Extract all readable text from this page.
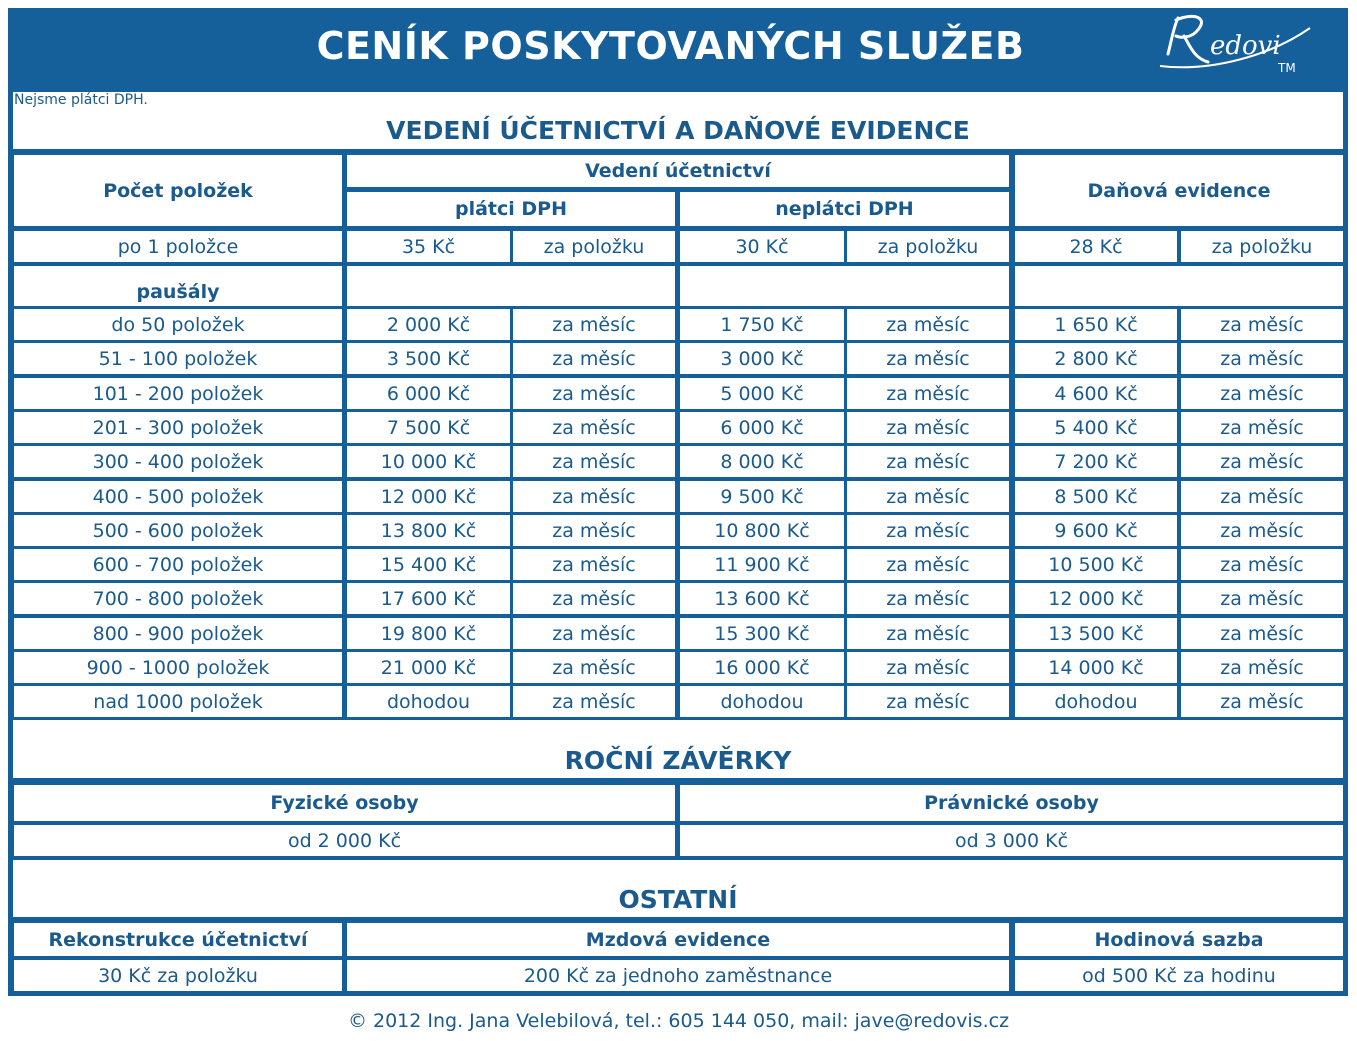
CENÍK POSKYTOVANÝCH SLUŽEB	edovi
TM
Nejsme plátci DPH.
VEDENÍ ÚČETNICTVÍ A DAŇOVÉ EVIDENCE
Počet položek
Vedení účetnictví
plátci DPH	neplátci DPH
Daňová evidence
po 1 položce	35 Kč	za položku	30 Kč	za položku	28 Kč	za položku
paušály
do 50 položek	2 000 Kč	za měsíc	1 750 Kč	za měsíc	1 650 Kč	za měsíc
51 - 100 položek	3 500 Kč	za měsíc	3 000 Kč	za měsíc	2 800 Kč	za měsíc
101 - 200 položek	6 000 Kč	za měsíc	5 000 Kč	za měsíc	4 600 Kč	za měsíc
201 - 300 položek	7 500 Kč	za měsíc	6 000 Kč	za měsíc	5 400 Kč	za měsíc
300 - 400 položek	10 000 Kč	za měsíc	8 000 Kč	za měsíc	7 200 Kč	za měsíc
400 - 500 položek	12 000 Kč	za měsíc	9 500 Kč	za měsíc	8 500 Kč	za měsíc
500 - 600 položek	13 800 Kč	za měsíc	10 800 Kč	za měsíc	9 600 Kč	za měsíc
600 - 700 položek	15 400 Kč	za měsíc	11 900 Kč	za měsíc	10 500 Kč	za měsíc
700 - 800 položek	17 600 Kč	za měsíc	13 600 Kč	za měsíc	12 000 Kč	za měsíc
800 - 900 položek	19 800 Kč	za měsíc	15 300 Kč	za měsíc	13 500 Kč	za měsíc
900 - 1000 položek	21 000 Kč	za měsíc	16 000 Kč	za měsíc	14 000 Kč	za měsíc
nad 1000 položek	dohodou	za měsíc	dohodou	za měsíc	dohodou	za měsíc
ROČNÍ ZÁVĚRKY
Fyzické osoby	Právnické osoby
od 2 000 Kč	od 3 000 Kč
OSTATNÍ
Rekonstrukce účetnictví	Mzdová evidence	Hodinová sazba
30 Kč za položku	200 Kč za jednoho zaměstnance	od 500 Kč za hodinu
© 2012 Ing. Jana Velebilová, tel.: 605 144 050, mail: jave@redovis.cz
